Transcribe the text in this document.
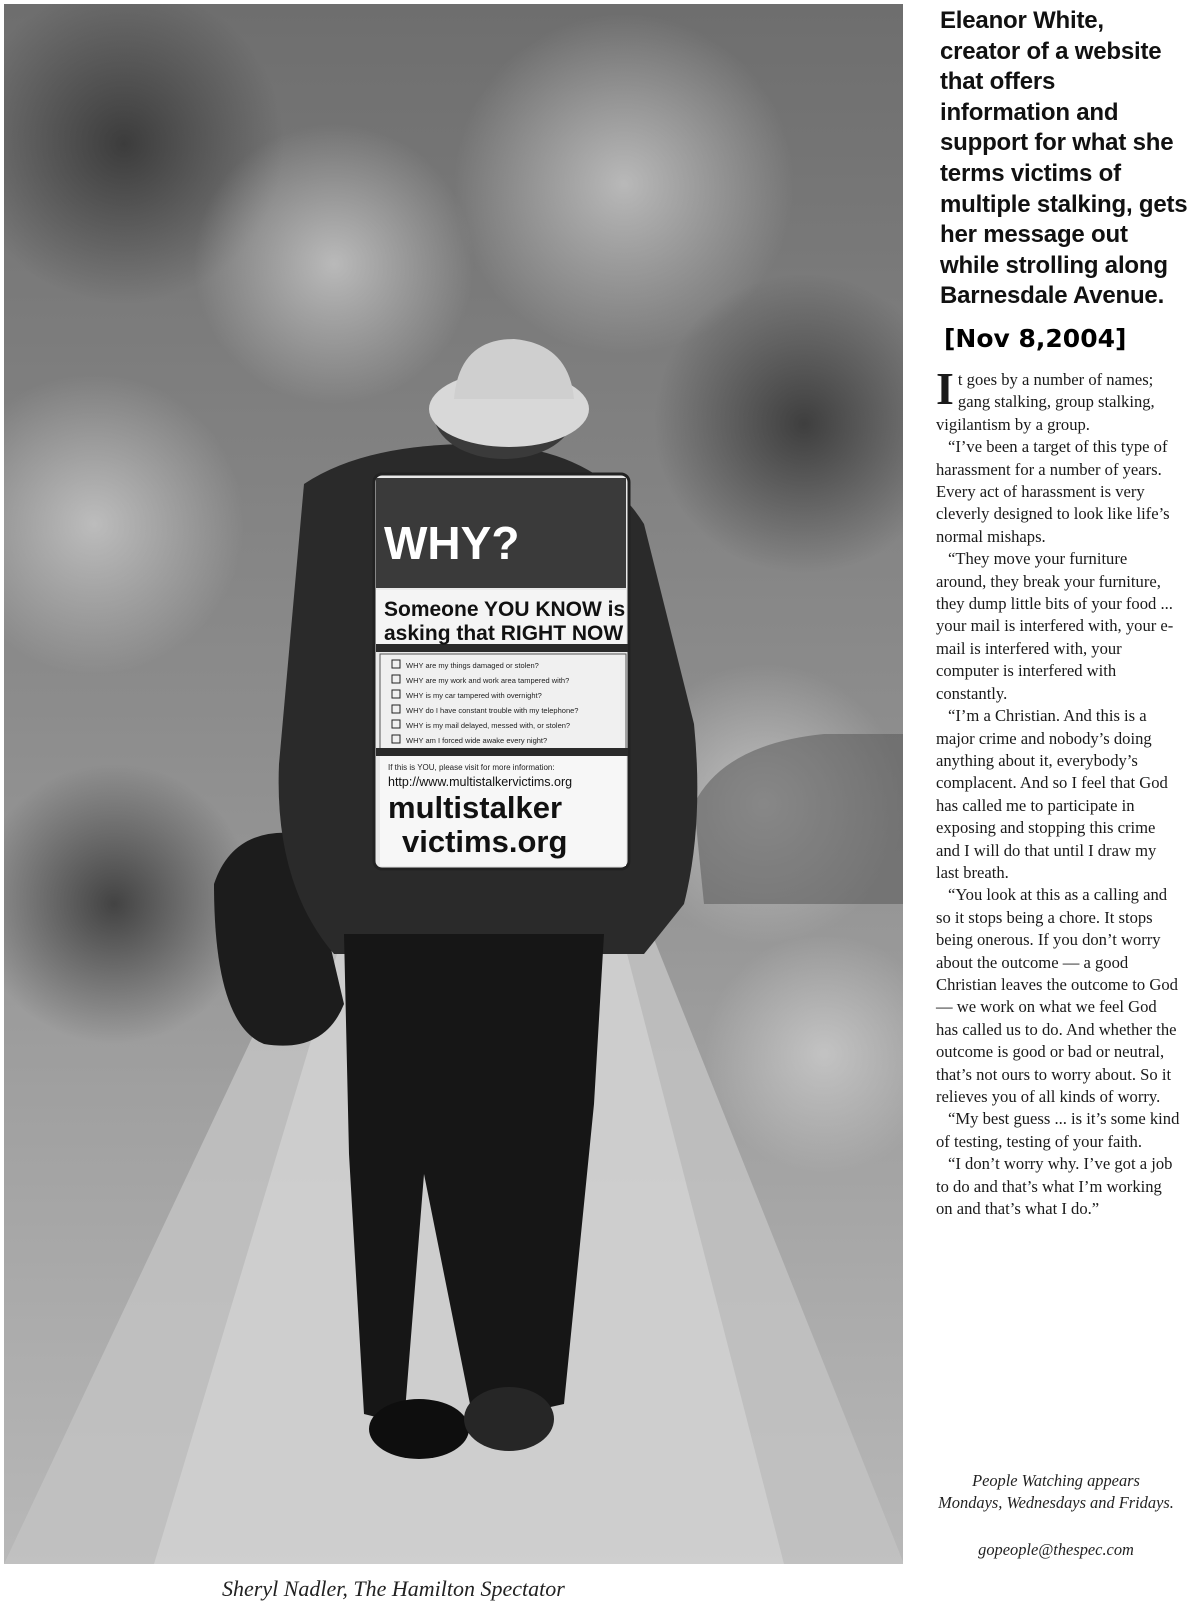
WHY?
Someone YOU KNOW is
asking that RIGHT NOW
WHY are my things damaged or stolen?
WHY are my work and work area tampered with?
WHY is my car tampered with overnight?
WHY do I have constant trouble with my telephone?
WHY is my mail delayed, messed with, or stolen?
WHY am I forced wide awake every night?
If this is YOU, please visit for more information:
http://www.multistalkervictims.org
multistalker
victims.org
Sheryl Nadler, The Hamilton Spectator
Eleanor White, creator of a website that offers information and support for what she terms victims of multiple stalking, gets her message out while strolling along Barnesdale Avenue.
[Nov 8,2004]

It goes by a number of names; gang stalking, group stalking, vigilantism by a group.

“I’ve been a target of this type of harassment for a number of years. Every act of harassment is very cleverly designed to look like life’s normal mishaps.

“They move your furniture around, they break your furniture, they dump little bits of your food ... your mail is interfered with, your e-mail is interfered with, your computer is interfered with constantly.

“I’m a Christian. And this is a major crime and nobody’s doing anything about it, everybody’s complacent. And so I feel that God has called me to participate in exposing and stopping this crime and I will do that until I draw my last breath.

“You look at this as a calling and so it stops being a chore. It stops being onerous. If you don’t worry about the outcome — a good Christian leaves the outcome to God — we work on what we feel God has called us to do. And whether the outcome is good or bad or neutral, that’s not ours to worry about. So it relieves you of all kinds of worry.

“My best guess ... is it’s some kind of testing, testing of your faith.

“I don’t worry why. I’ve got a job to do and that’s what I’m working on and that’s what I do.”

People Watching appears Mondays, Wednesdays and Fridays.
gopeople@thespec.com
